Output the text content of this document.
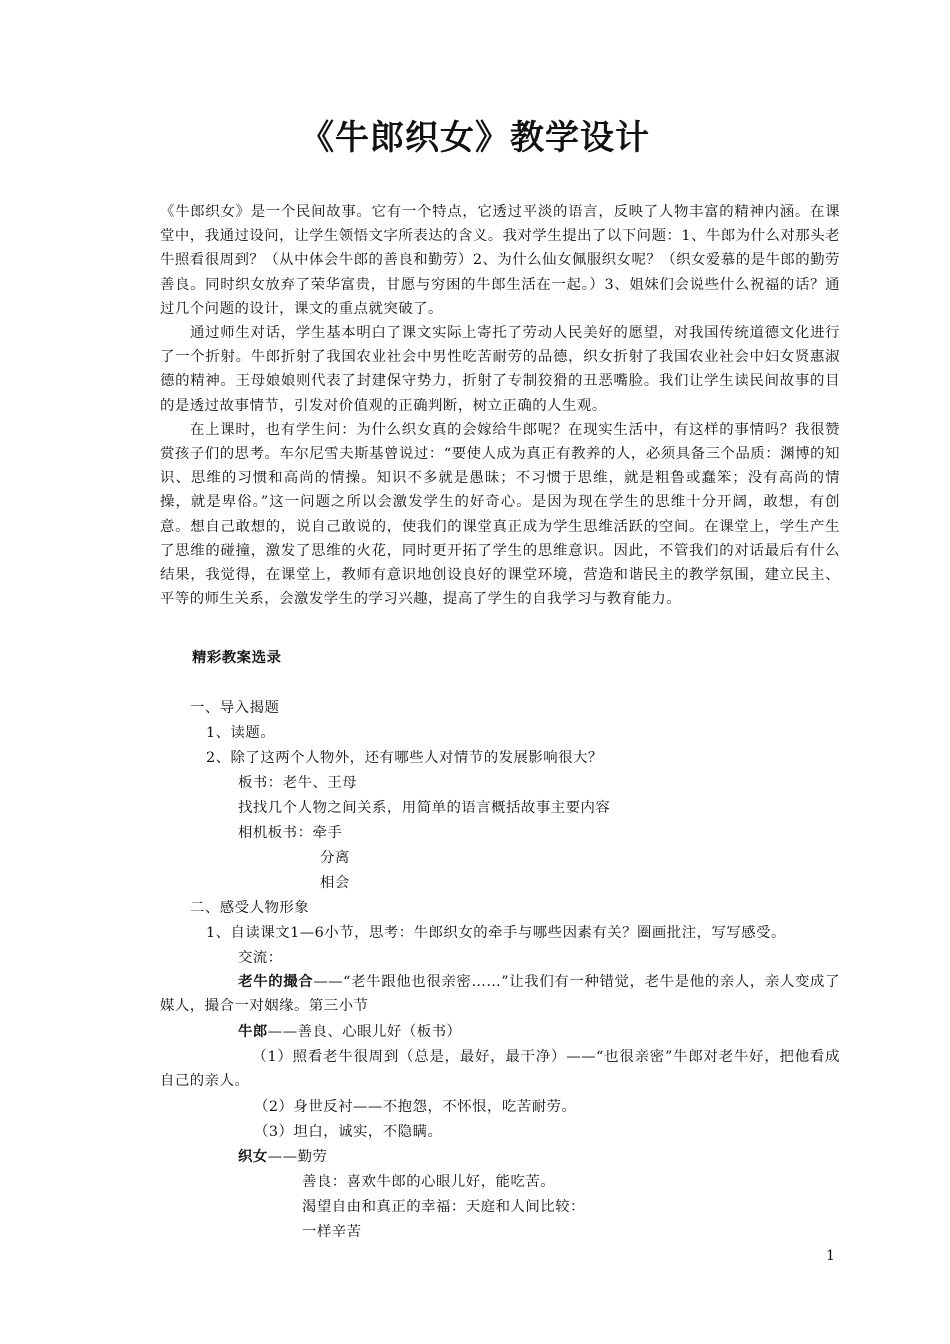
《牛郎织女》教学设计

《牛郎织女》是一个民间故事。它有一个特点，它透过平淡的语言，反映了人物丰富的精神内涵。在课堂中，我通过设问，让学生领悟文字所表达的含义。我对学生提出了以下问题：1、牛郎为什么对那头老牛照看很周到？（从中体会牛郎的善良和勤劳）2、为什么仙女佩服织女呢？（织女爱慕的是牛郎的勤劳善良。同时织女放弃了荣华富贵，甘愿与穷困的牛郎生活在一起。）3、姐妹们会说些什么祝福的话？通过几个问题的设计，课文的重点就突破了。

通过师生对话，学生基本明白了课文实际上寄托了劳动人民美好的愿望，对我国传统道德文化进行了一个折射。牛郎折射了我国农业社会中男性吃苦耐劳的品德，织女折射了我国农业社会中妇女贤惠淑德的精神。王母娘娘则代表了封建保守势力，折射了专制狡猾的丑恶嘴脸。我们让学生读民间故事的目的是透过故事情节，引发对价值观的正确判断，树立正确的人生观。

在上课时，也有学生问：为什么织女真的会嫁给牛郎呢？在现实生活中，有这样的事情吗？我很赞赏孩子们的思考。车尔尼雪夫斯基曾说过：“要使人成为真正有教养的人，必须具备三个品质：渊博的知识、思维的习惯和高尚的情操。知识不多就是愚昧；不习惯于思维，就是粗鲁或蠢笨；没有高尚的情操，就是卑俗。”这一问题之所以会激发学生的好奇心。是因为现在学生的思维十分开阔，敢想，有创意。想自己敢想的，说自己敢说的，使我们的课堂真正成为学生思维活跃的空间。在课堂上，学生产生了思维的碰撞，激发了思维的火花，同时更开拓了学生的思维意识。因此，不管我们的对话最后有什么结果，我觉得，在课堂上，教师有意识地创设良好的课堂环境，营造和谐民主的教学氛围，建立民主、平等的师生关系，会激发学生的学习兴趣，提高了学生的自我学习与教育能力。

精彩教案选录
一、导入揭题
1、读题。
2、除了这两个人物外，还有哪些人对情节的发展影响很大？
板书：老牛、王母
找找几个人物之间关系，用简单的语言概括故事主要内容
相机板书：牵手
分离
相会
二、感受人物形象
1、自读课文1—6小节，思考：牛郎织女的牵手与哪些因素有关？圈画批注，写写感受。
交流：
老牛的撮合——“老牛跟他也很亲密……”让我们有一种错觉，老牛是他的亲人，亲人变成了媒人，撮合一对姻缘。第三小节
牛郎——善良、心眼儿好（板书）
（1）照看老牛很周到（总是，最好，最干净）——“也很亲密”牛郎对老牛好，把他看成自己的亲人。
（2）身世反衬——不抱怨，不怀恨，吃苦耐劳。
（3）坦白，诚实，不隐瞒。
织女——勤劳
善良：喜欢牛郎的心眼儿好，能吃苦。
渴望自由和真正的幸福：天庭和人间比较：
一样辛苦
1
